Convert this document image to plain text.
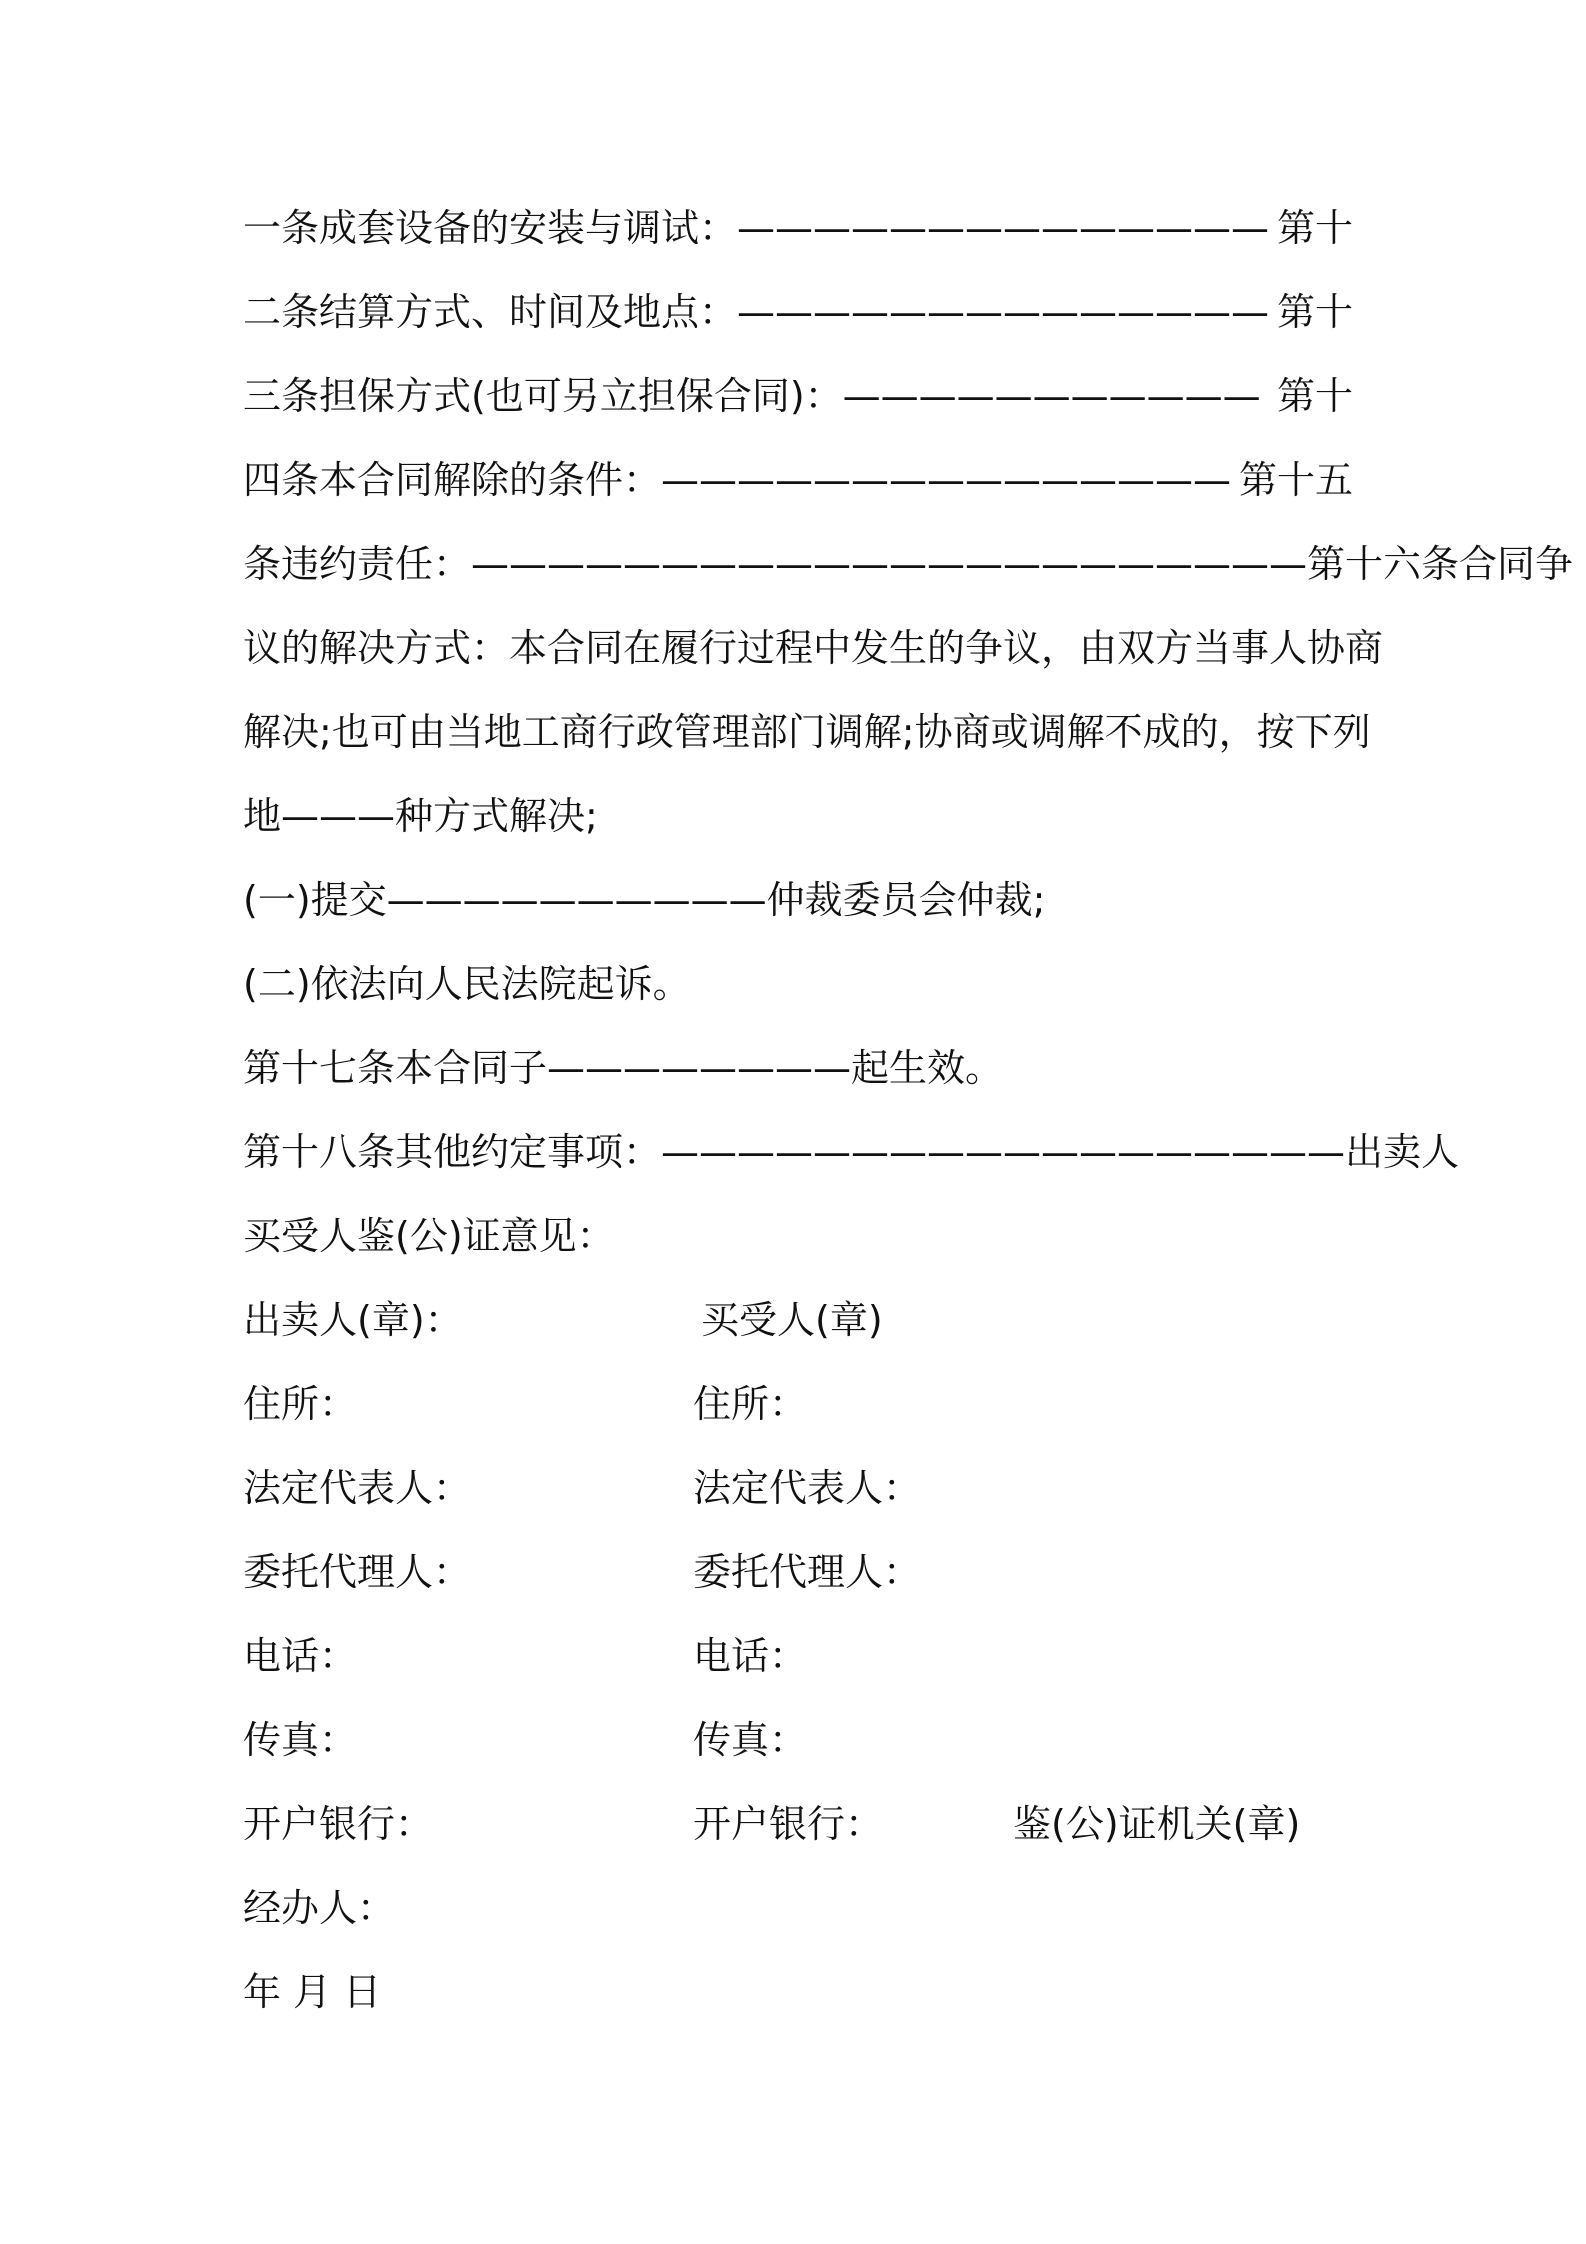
一条成套设备的安装与调试：—————————————— 第十
二条结算方式、时间及地点：—————————————— 第十
三条担保方式(也可另立担保合同)：——————————— 第十
四条本合同解除的条件：——————————————— 第十五
条违约责任：——————————————————————第十六条合同争
议的解决方式：本合同在履行过程中发生的争议，由双方当事人协商
解决;也可由当地工商行政管理部门调解;协商或调解不成的，按下列
地———种方式解决;
(一)提交——————————仲裁委员会仲裁;
(二)依法向人民法院起诉。
第十七条本合同子————————起生效。
第十八条其他约定事项：——————————————————出卖人
买受人鉴(公)证意见：
出卖人(章)：	买受人(章)
住所：	住所：
法定代表人：	法定代表人：
委托代理人：	委托代理人：
电话：	电话：
传真：	传真：
开户银行：	开户银行：	鉴(公)证机关(章)
经办人：
年 月 日
